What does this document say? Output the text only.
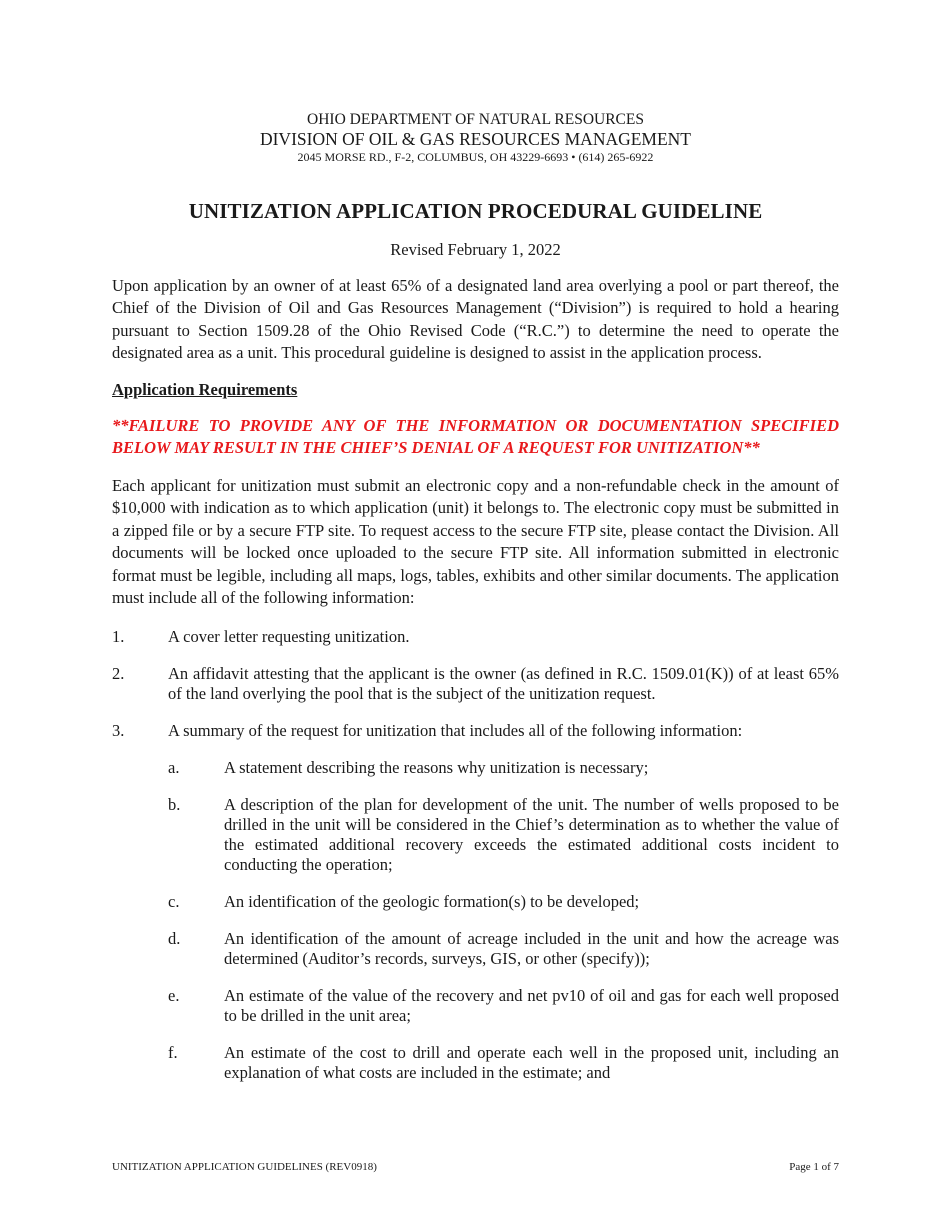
OHIO DEPARTMENT OF NATURAL RESOURCES
DIVISION OF OIL & GAS RESOURCES MANAGEMENT
2045 MORSE RD., F-2, COLUMBUS, OH 43229-6693 • (614) 265-6922
UNITIZATION APPLICATION PROCEDURAL GUIDELINE
Revised February 1, 2022

Upon application by an owner of at least 65% of a designated land area overlying a pool or part thereof, the Chief of the Division of Oil and Gas Resources Management (“Division”) is required to hold a hearing pursuant to Section 1509.28 of the Ohio Revised Code (“R.C.”) to determine the need to operate the designated area as a unit. This procedural guideline is designed to assist in the application process.

Application Requirements
**FAILURE TO PROVIDE ANY OF THE INFORMATION OR DOCUMENTATION SPECIFIED BELOW MAY RESULT IN THE CHIEF’S DENIAL OF A REQUEST FOR UNITIZATION**

Each applicant for unitization must submit an electronic copy and a non-refundable check in the amount of $10,000 with indication as to which application (unit) it belongs to. The electronic copy must be submitted in a zipped file or by a secure FTP site. To request access to the secure FTP site, please contact the Division. All documents will be locked once uploaded to the secure FTP site. All information submitted in electronic format must be legible, including all maps, logs, tables, exhibits and other similar documents. The application must include all of the following information:

1.	A cover letter requesting unitization.
2.	An affidavit attesting that the applicant is the owner (as defined in R.C. 1509.01(K)) of at least 65% of the land overlying the pool that is the subject of the unitization request.
3.	A summary of the request for unitization that includes all of the following information:
a.	A statement describing the reasons why unitization is necessary;
b.	A description of the plan for development of the unit. The number of wells proposed to be drilled in the unit will be considered in the Chief’s determination as to whether the value of the estimated additional recovery exceeds the estimated additional costs incident to conducting the operation;
c.	An identification of the geologic formation(s) to be developed;
d.	An identification of the amount of acreage included in the unit and how the acreage was determined (Auditor’s records, surveys, GIS, or other (specify));
e.	An estimate of the value of the recovery and net pv10 of oil and gas for each well proposed to be drilled in the unit area;
f.	An estimate of the cost to drill and operate each well in the proposed unit, including an explanation of what costs are included in the estimate; and
UNITIZATION APPLICATION GUIDELINES (REV0918)	Page 1 of 7
